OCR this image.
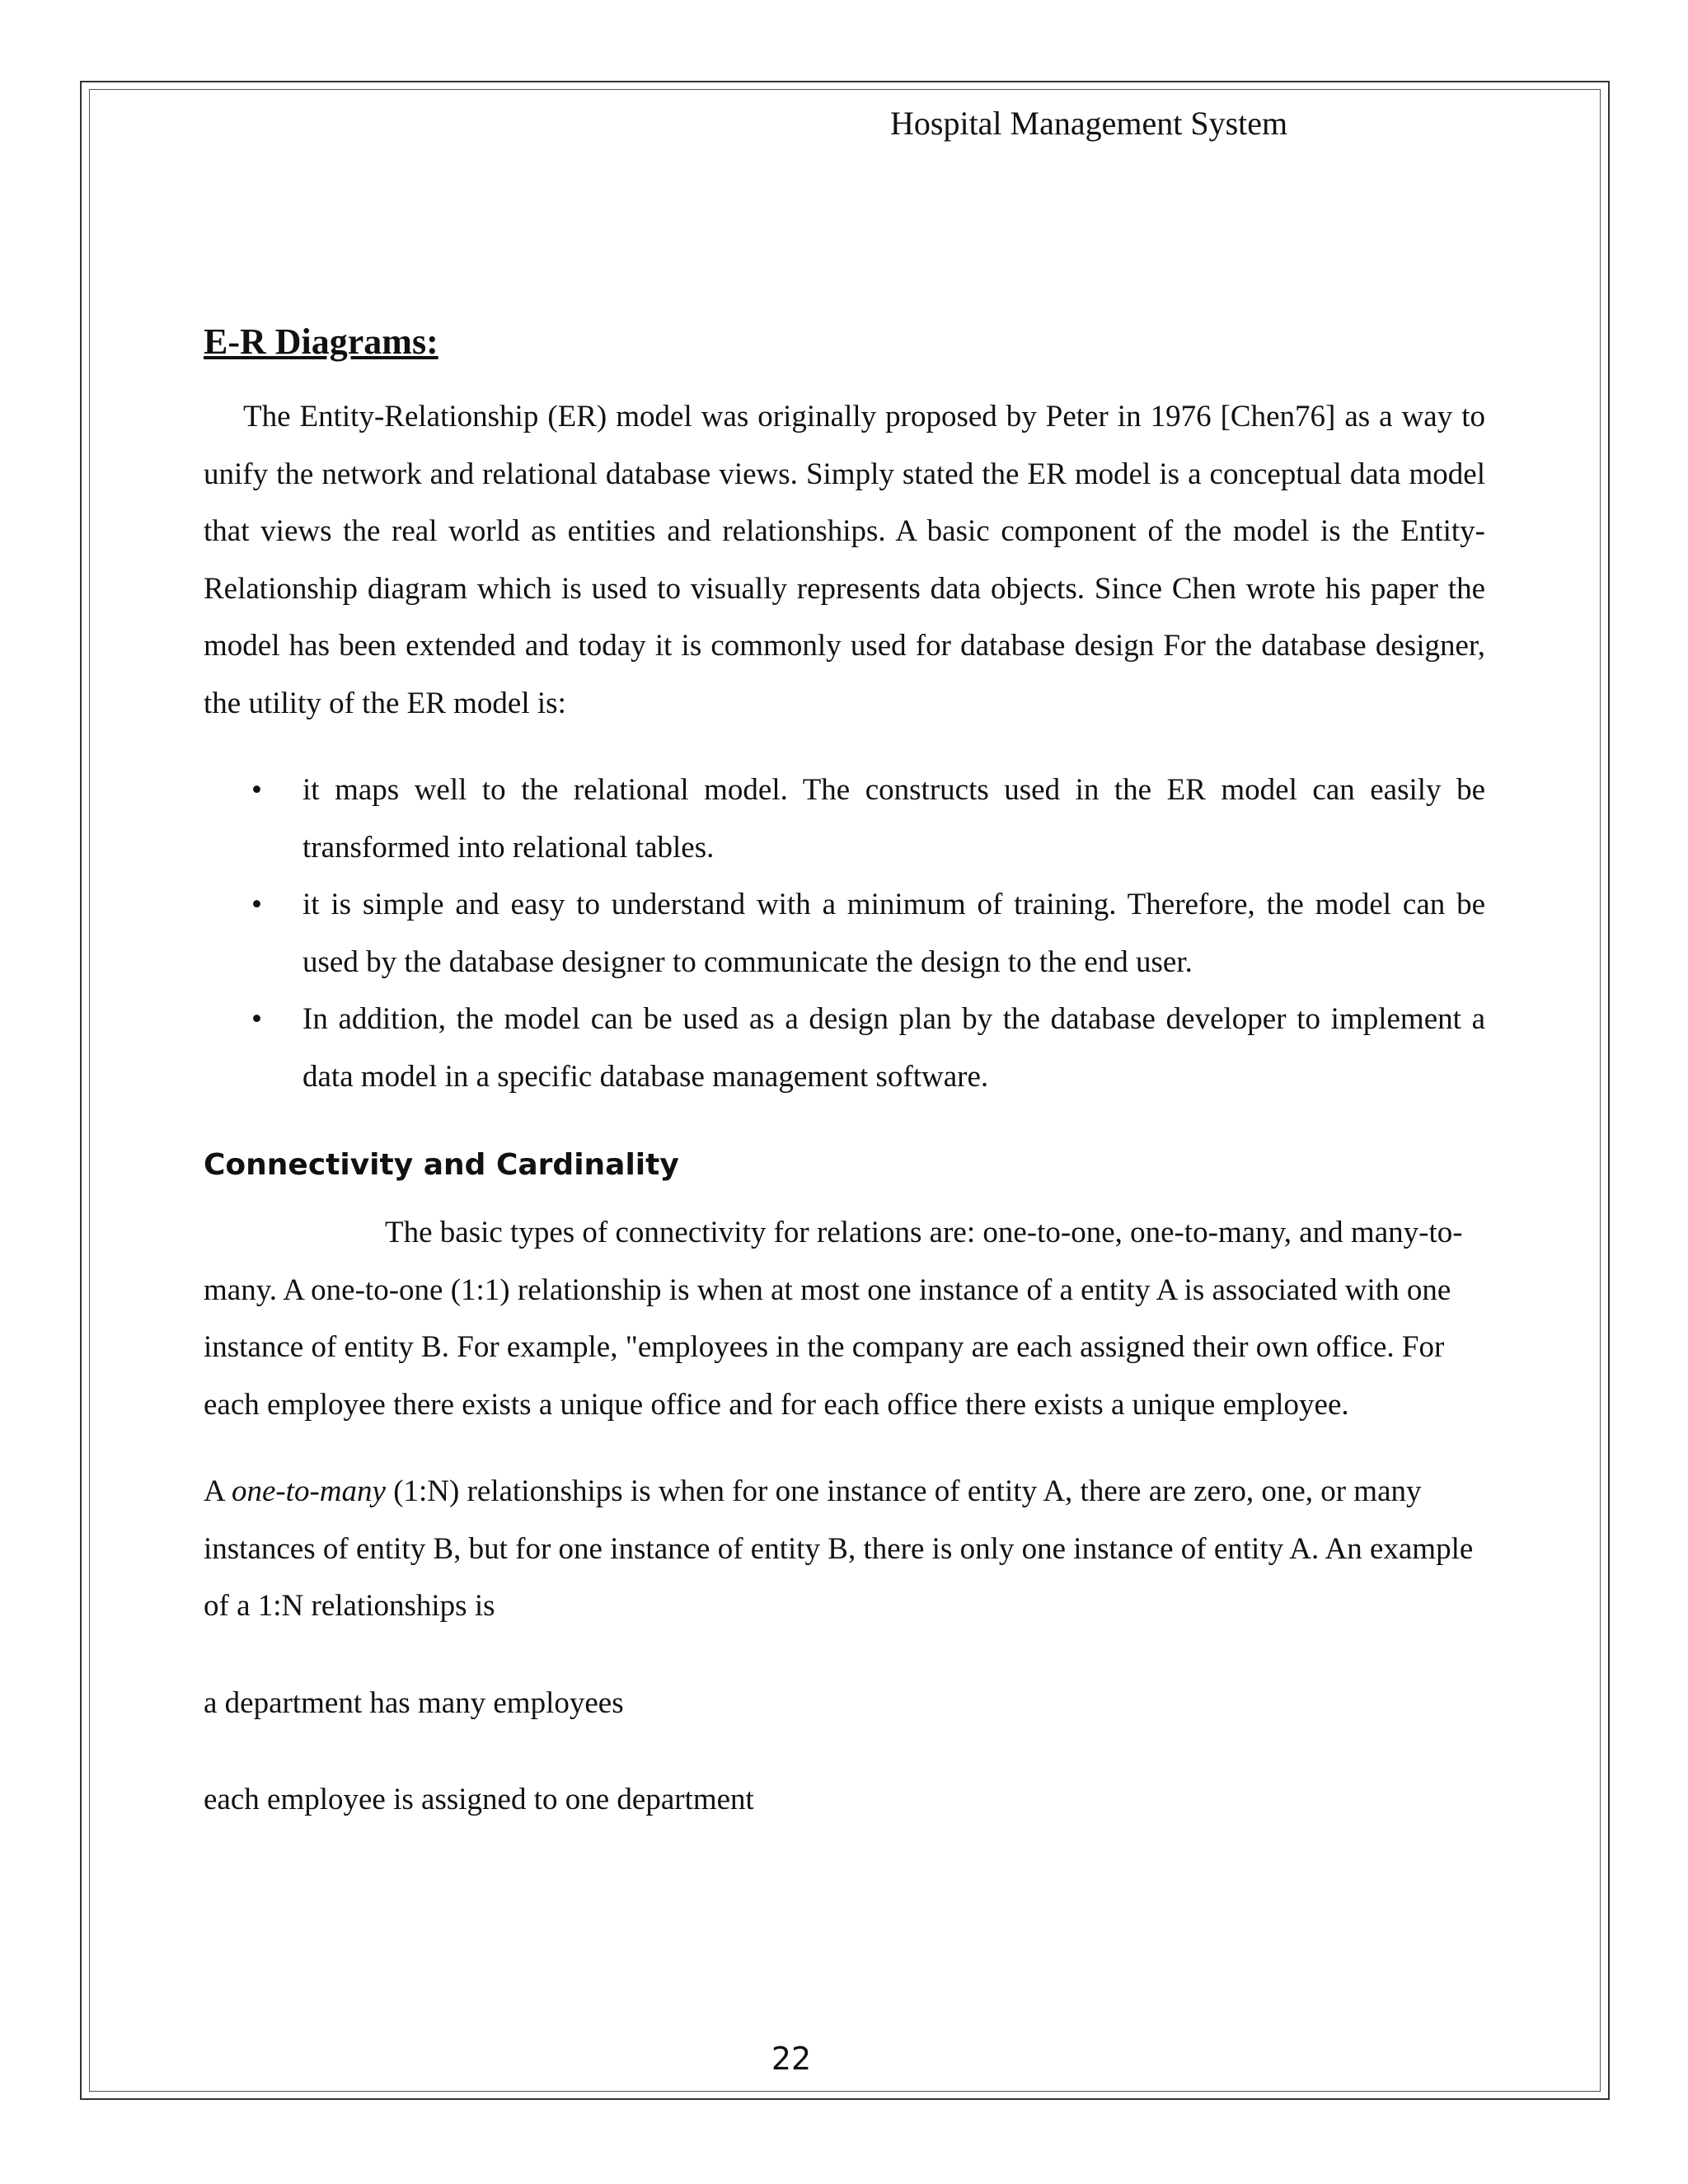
Hospital Management System
E-R Diagrams:

The Entity-Relationship (ER) model was originally proposed by Peter in 1976 [Chen76] as a way to unify the network and relational database views. Simply stated the ER model is a conceptual data model that views the real world as entities and relationships. A basic component of the model is the Entity-Relationship diagram which is used to visually represents data objects. Since Chen wrote his paper the model has been extended and today it is commonly used for database design For the database designer, the utility of the ER model is:

• it maps well to the relational model. The constructs used in the ER model can easily be transformed into relational tables.
• it is simple and easy to understand with a minimum of training. Therefore, the model can be used by the database designer to communicate the design to the end user.
• In addition, the model can be used as a design plan by the database developer to implement a data model in a specific database management software.
Connectivity and Cardinality

The basic types of connectivity for relations are: one-to-one, one-to-many, and many-to-many. A one-to-one (1:1) relationship is when at most one instance of a entity A is associated with one instance of entity B. For example, "employees in the company are each assigned their own office. For each employee there exists a unique office and for each office there exists a unique employee.

A one-to-many (1:N) relationships is when for one instance of entity A, there are zero, one, or many instances of entity B, but for one instance of entity B, there is only one instance of entity A. An example of a 1:N relationships is

a department has many employees

each employee is assigned to one department

22
